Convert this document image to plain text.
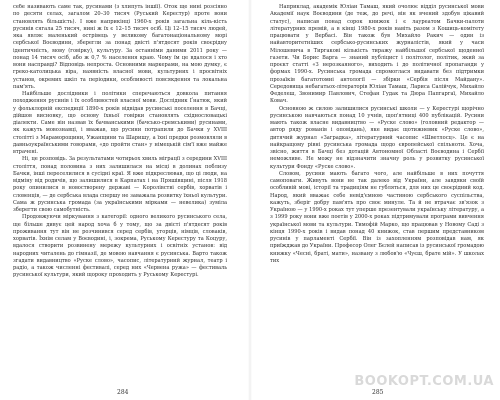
себе називають саме так, русинами (з хлипуть іншії). Оток ще нині розсіяно по десяти селах, загалом 20–30 тисяч (Руський Керестур) проте вони становлять більшість). І вже наприкінці 1960-х років загальна кіль-кість русинів сягала 25 тисяч, нині ж їх є 12–15 тисяч осіб. Ці 12–15 тисяч людей, яка являє маленький острівець у великому багатонаціональному морі сербської Воєводини, зберегли за понад двісті п'ятдесят років своєрідну ідентичність, мову (говірку), культуру. За останніми даними 2011 року — понад 14 тисяч осіб, або ж 0,7 % населення краю. Чому їм це вдалося і хто вони насправді? Відповідь непроста. Основними маркерами, на мою думку, є греко-католицька віра, наявність власної мови, культурних і просвітніх установ, окремих шкіл та періодики, особливості повсякдення та локальна пам'ять.

Найбільше дослідники і політики сперечаються довкола питання походження русинів і їх особливостей власної мови. Дослідник Ґнатюк, який у фольклорній експедиції 1890-х років відвідав русинські поселення в Бачці, дійшов висновку, що основу їхньої говірки становлять східнословацькі діалекти. Саме він назвав їх бачванськими (бачсько-сремськими) русинами, як кажуть мовознавці, і вважав, що русини потрапили до Бачки у XVIII столітті з Мараморощини, Ужанщини та Шаришу, а їхні предки розмовляли в давньоукраїнськими говорами, «до пройти стан» у німецькій сім'ї вже майже втрачені.

Ні, це розповідь. За результатами чотирьох хвиль міграції з середини XVIII століття, понад половина з них залишилася на місці в долинах поблизу Бачки, інші переселилися в сусідні краї. Я вже підкреслював, що ці люди, на відміну від родичів, що залишилися в Карпатах і на Пряшівщині, після 1918 року опинилися в новостворену державі — Королівстві сербів, хорватів і словенців, — де сербська влада спершу не заважала розвитку їхньої культури. Сама ж русинська громада (за українськими мірками — невелика) зуміла зберегти свою самобутність.

Продовжуючи міркування з категорії: одного великого русинського села, ще більше дивує цей народ хоча б у тому, що за двісті п'ятдесят років проживання тут він не розчинився серед сербів, угорців, німців, словаків, хорватів. Їхнім селам у Воєводині, і, зокрема, Руському Керестуру та Коцуру, вдалося створити розвинену мережу культурних і освітніх установ: від народних читалень до гімназії, де мовою навчання є русинська. Варто також згадати видавництво «Руске слово», часопис, літературний журнал, театр і радіо, а також численні фестивалі, серед них «Червена ружа» — фестиваль русинської культури, який щороку проходить у Руському Керестурі.

Наприклад, академік Юліан Тамаш, який очолює відділ русинської мови Академії наук Воєводини (де теж, до речі, він як вчений здобув цікавий статус), написав понад сорок книжок і є лауреатом Бачки-палоти літературних премій, а в кінці 1980-х років навіть разом з Кошиць-комітету працювати у Вербасі. Він також був Михайло Ракич — один із найавторитетніших сербсько-русинських журналістів, який у часи Мілошевича в Тиргакові кількість тиражу найбільшої сербської щоденної газети. Чи Борис Варга — знаний публіцист і політолог, політик, який за проєкт статті «З нерозкаяного», виходить і до політичної пропаганди у формах 1990-х. Русинська громада спромоглася видавати без підтримки прозаїків багатотомні антології — збірки «Сербія після Майдану». Середовища небагатьох-літераторів Юліан Тамаш, Лариса Салійчук, Михайло Феделеш, Звонимир Павлович, Стефан Гудак та Дюра Папгаргаї, Михайло Ковач.

Основною ж силою залишилися русинські школи — у Керестурі щорічно русинською навчаються понад 10 учнів, щоп'ятниці 400 публікацій. Русини мають також власне видавництво — «Руске слово» (головний редактор — автор ряду романів і оповідань), яке видає щотижневик «Руске слово», дитячий журнал «Заградка», літературний часопис «Шветлосц». Це є на найкращому рівні русинська громада щодо європейської спільноти. Хоча, звісно, життя в Бачці без дотацій Автономної Області Воєводина і Сербії неможливе. Не можу не відзначити значну роль у розвитку русинської культури Фонду «Руске слово».

Словом, русини мають багато чого, але найбільше в них почуття самоповаги. Живуть вони не так далеко від України, але завдяки своїй особливій мові, історії та традиціям не губляться, для них це своєрідний код. Народ, який вважає себе невід'ємною частиною сербського суспільства, кажуть, зберіг добру пам'ять про своє минуле. Та й не втрачає зв'язок з Україною — у 1990-х роках тут уперше презентували українську літературу, а з 1999 року вони вже поетів у 2000-х роках підтримували програми вивчення української мови та культури. Тимофій Марко, що працював у Новому Саді з кінця 1990-х років і видав понад 40 книжок, став першим представником русинів у парламенті Сербії. Він із захопленням розповідав нам, як приїжджав до України. Професор Олег Бєлей написав із русинської громадою книжку «Чесні, браті, мати», названу з любов'ю «Чуєш, брате мій». У школах тих

284	285
BOOKOPT.COM.UA
